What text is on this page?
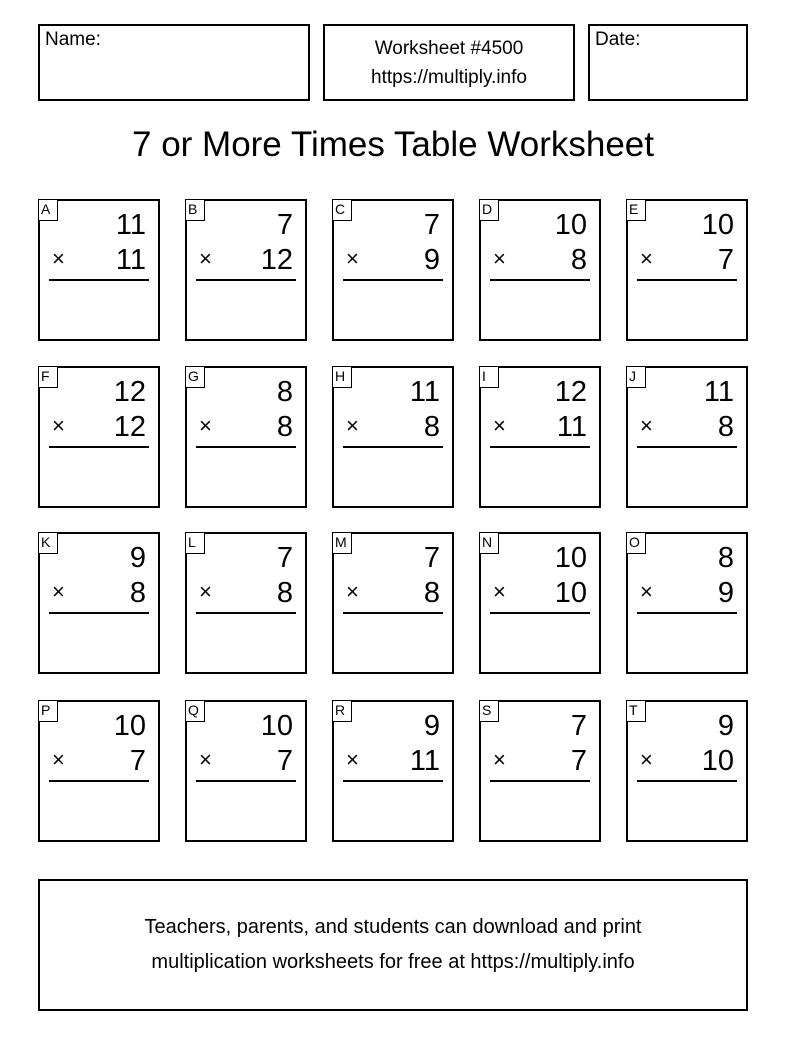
Name:	Worksheet #4500
https://multiply.info
Date:
7 or More Times Table Worksheet
A 11
× 11
B	7
× 12
C	7
× 9
D 10
× 8
E 10
× 7
F 12
× 12
G	8
× 8
H 11
× 8
I	12
× 11
J	11
× 8
K	9
× 8
L	7
× 8
M	7
× 8
N 10
× 10
O	8
× 9
P 10
× 7
Q 10
× 7
R	9
× 11
S	7
× 7
T	9
× 10
Teachers, parents, and students can download and print
multiplication worksheets for free at https://multiply.info
